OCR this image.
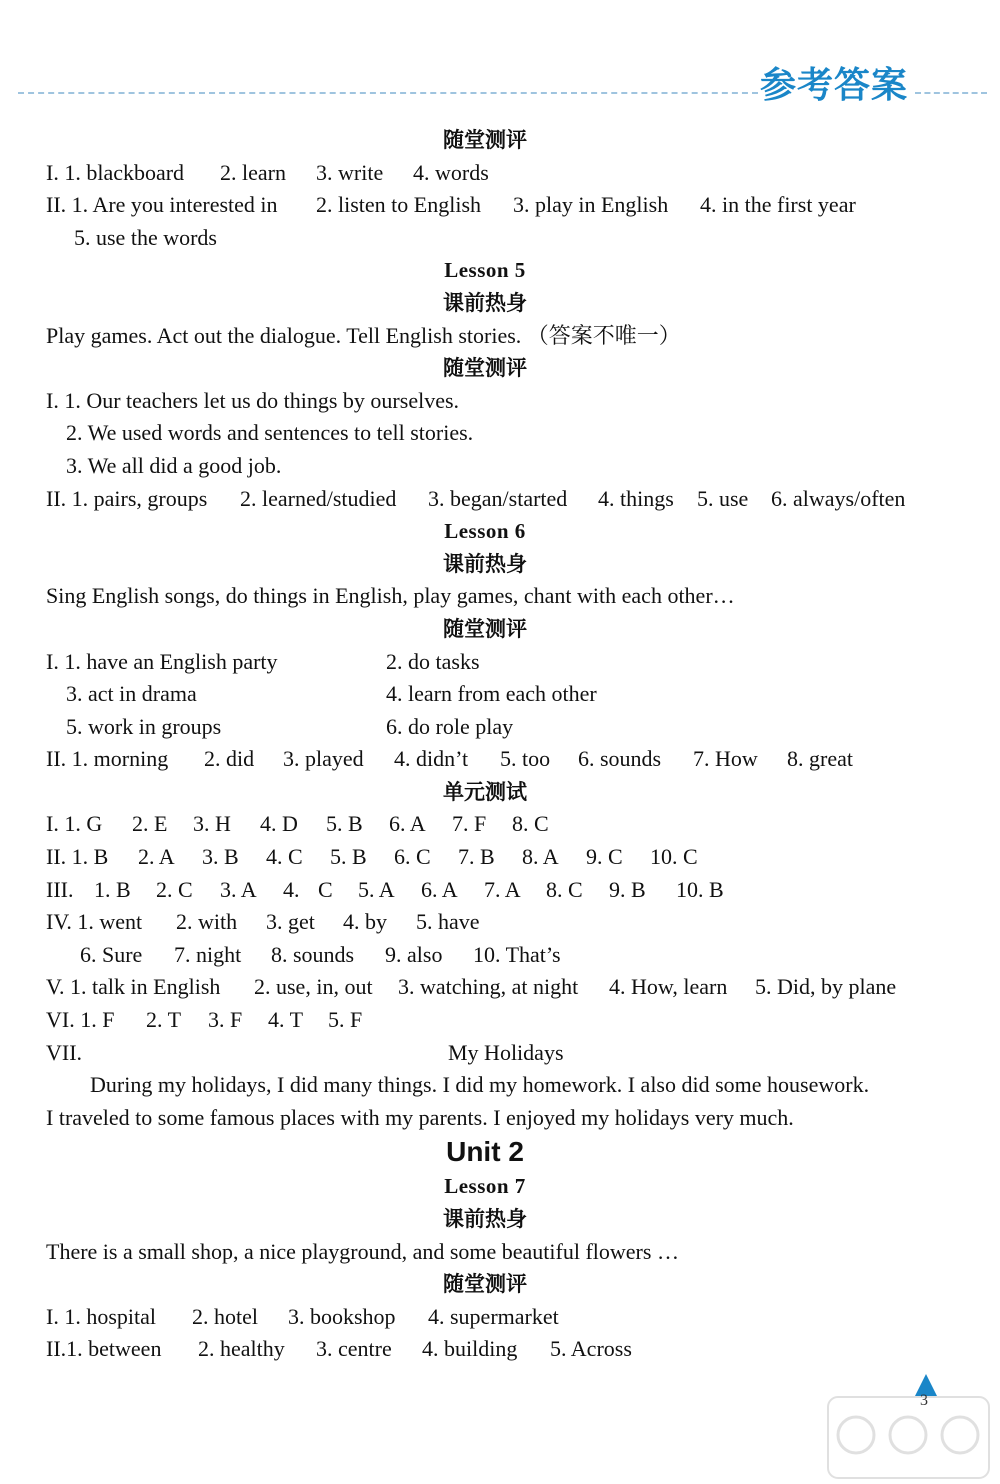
参考答案
随堂测评
I. 1. blackboard 2. learn 3. write 4. words
II. 1. Are you interested in 2. listen to English 3. play in English 4. in the first year
5. use the words
Lesson 5
课前热身
Play games. Act out the dialogue. Tell English stories. （答案不唯一）
随堂测评
I. 1. Our teachers let us do things by ourselves.
2. We used words and sentences to tell stories.
3. We all did a good job.
II. 1. pairs, groups 2. learned/studied 3. began/started 4. things 5. use 6. always/often
Lesson 6
课前热身
Sing English songs, do things in English, play games, chant with each other…
随堂测评
I. 1. have an English party	2. do tasks
3. act in drama	4. learn from each other
5. work in groups	6. do role play
II. 1. morning 2. did 3. played 4. didn’t 5. too 6. sounds 7. How 8. great
单元测试
I. 1. G 2. E 3. H 4. D 5. B 6. A 7. F 8. C
II. 1. B 2. A 3. B 4. C 5. B 6. C 7. B 8. A 9. C 10. C
III. 1. B 2. C 3. A 4. C 5. A 6. A 7. A 8. C 9. B 10. B
IV. 1. went 2. with 3. get 4. by 5. have
6. Sure 7. night 8. sounds 9. also 10. That’s
V. 1. talk in English 2. use, in, out 3. watching, at night 4. How, learn 5. Did, by plane
VI. 1. F 2. T 3. F 4. T 5. F
VII.	My Holidays
During my holidays, I did many things. I did my homework. I also did some housework.
I traveled to some famous places with my parents. I enjoyed my holidays very much.
Unit 2
Lesson 7
课前热身
There is a small shop, a nice playground, and some beautiful flowers …
随堂测评
I. 1. hospital 2. hotel 3. bookshop 4. supermarket
II.1. between 2. healthy 3. centre 4. building 5. Across
3
